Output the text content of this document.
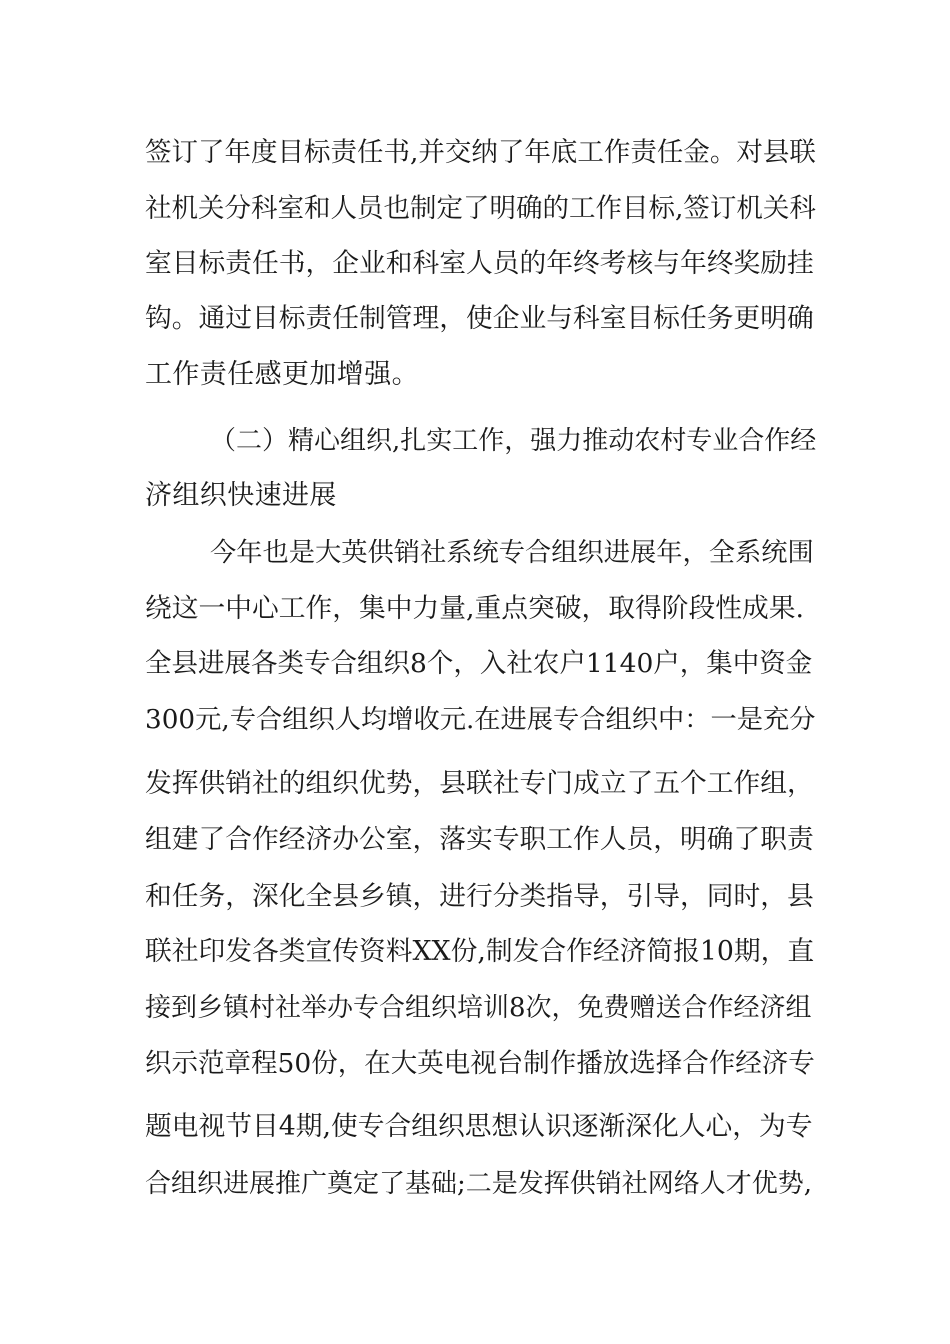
签订了年度目标责任书,并交纳了年底工作责任金。对县联
社机关分科室和人员也制定了明确的工作目标,签订机关科
室目标责任书，企业和科室人员的年终考核与年终奖励挂
钩。通过目标责任制管理，使企业与科室目标任务更明确
工作责任感更加增强。
（二）精心组织,扎实工作，强力推动农村专业合作经
济组织快速进展
今年也是大英供销社系统专合组织进展年，全系统围
绕这一中心工作，集中力量,重点突破，取得阶段性成果.
全县进展各类专合组织8个，入社农户1140户，集中资金
300元,专合组织人均增收元.在进展专合组织中：一是充分
发挥供销社的组织优势，县联社专门成立了五个工作组，
组建了合作经济办公室，落实专职工作人员，明确了职责
和任务，深化全县乡镇，进行分类指导，引导，同时，县
联社印发各类宣传资料XX份,制发合作经济简报10期，直
接到乡镇村社举办专合组织培训8次，免费赠送合作经济组
织示范章程50份，在大英电视台制作播放选择合作经济专
题电视节目4期,使专合组织思想认识逐渐深化人心，为专
合组织进展推广奠定了基础;二是发挥供销社网络人才优势,
